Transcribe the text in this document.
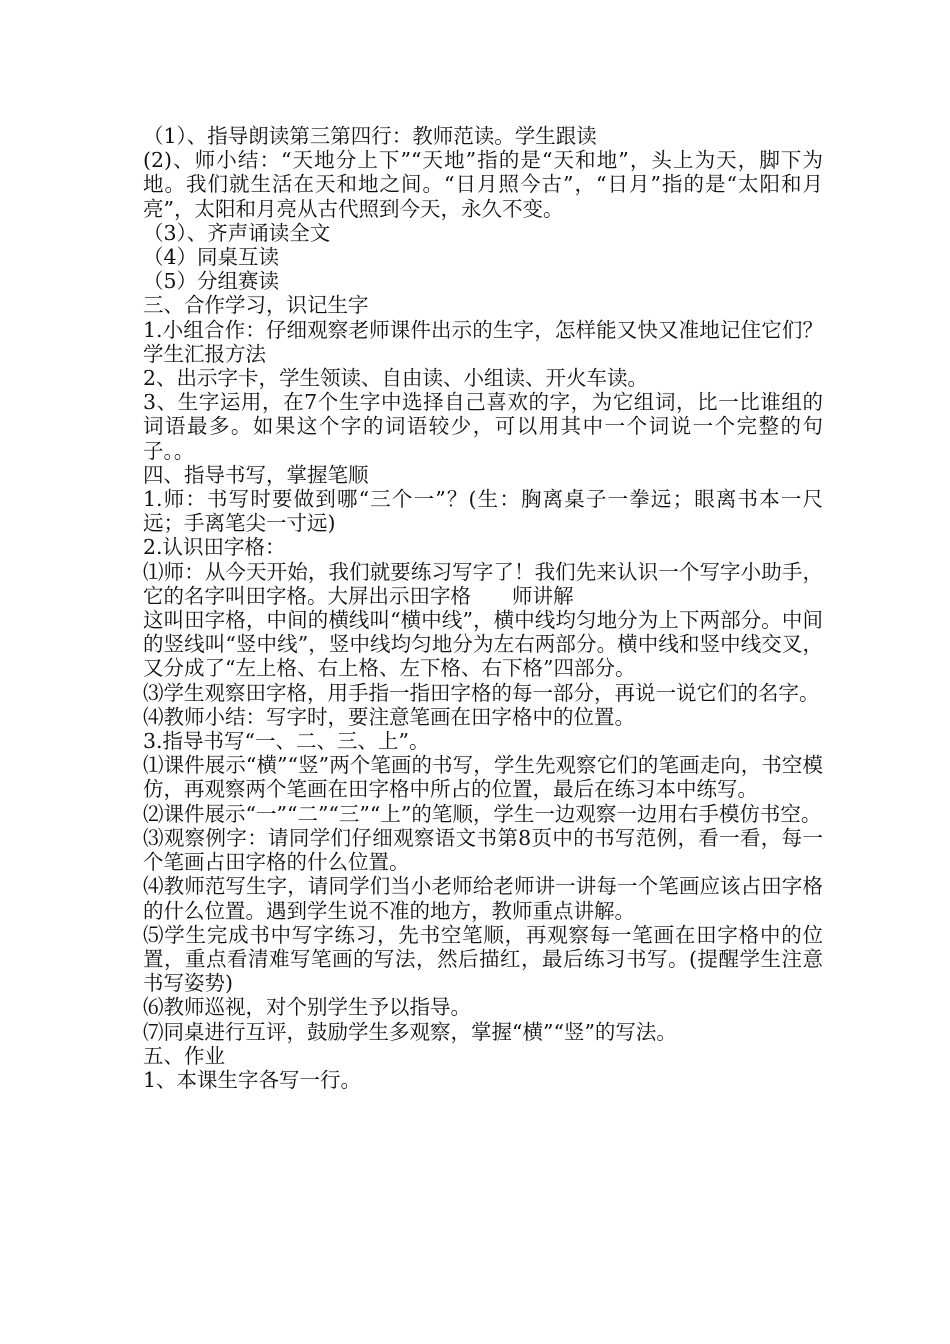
（1）、指导朗读第三第四行：教师范读。学生跟读

(2)、师小结：“天地分上下”“天地”指的是“天和地”，头上为天，脚下为地。我们就生活在天和地之间。“日月照今古”，“日月”指的是“太阳和月亮”，太阳和月亮从古代照到今天，永久不变。

（3）、齐声诵读全文

（4）同桌互读

（5）分组赛读

三、合作学习，识记生字

1.小组合作：仔细观察老师课件出示的生字，怎样能又快又准地记住它们？学生汇报方法

2、出示字卡，学生领读、自由读、小组读、开火车读。

3、生字运用，在7个生字中选择自己喜欢的字，为它组词，比一比谁组的词语最多。如果这个字的词语较少，可以用其中一个词说一个完整的句子。。

四、指导书写，掌握笔顺

1.师：书写时要做到哪“三个一”？(生：胸离桌子一拳远；眼离书本一尺远；手离笔尖一寸远)

2.认识田字格：

⑴师：从今天开始，我们就要练习写字了！我们先来认识一个写字小助手，它的名字叫田字格。大屏出示田字格　　师讲解

这叫田字格，中间的横线叫“横中线”，横中线均匀地分为上下两部分。中间的竖线叫“竖中线”，竖中线均匀地分为左右两部分。横中线和竖中线交叉，又分成了“左上格、右上格、左下格、右下格”四部分。

⑶学生观察田字格，用手指一指田字格的每一部分，再说一说它们的名字。

⑷教师小结：写字时，要注意笔画在田字格中的位置。

3.指导书写“一、二、三、上”。

⑴课件展示“横”“竖”两个笔画的书写，学生先观察它们的笔画走向，书空模仿，再观察两个笔画在田字格中所占的位置，最后在练习本中练写。

⑵课件展示“一”“二”“三”“上”的笔顺，学生一边观察一边用右手模仿书空。

⑶观察例字：请同学们仔细观察语文书第8页中的书写范例，看一看，每一个笔画占田字格的什么位置。

⑷教师范写生字，请同学们当小老师给老师讲一讲每一个笔画应该占田字格的什么位置。遇到学生说不准的地方，教师重点讲解。

⑸学生完成书中写字练习，先书空笔顺，再观察每一笔画在田字格中的位置，重点看清难写笔画的写法，然后描红，最后练习书写。(提醒学生注意书写姿势)

⑹教师巡视，对个别学生予以指导。

⑺同桌进行互评，鼓励学生多观察，掌握“横”“竖”的写法。

五、作业

1、本课生字各写一行。
